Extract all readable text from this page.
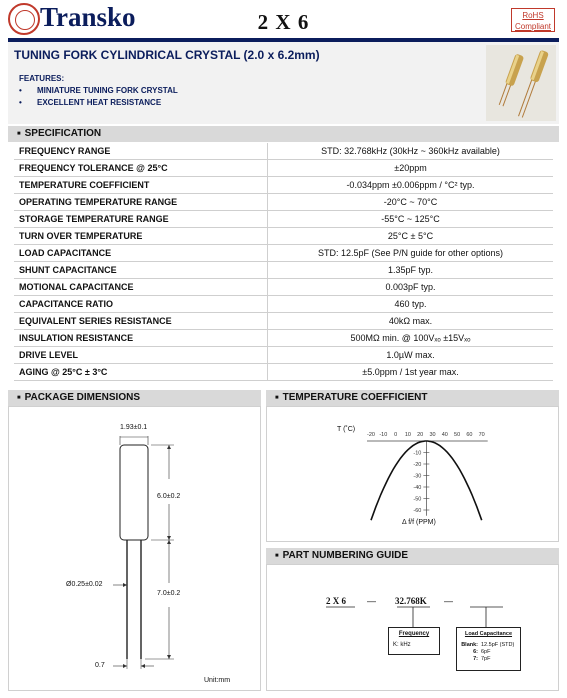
Transko	2 X 6	RoHS
Compliant
TUNING FORK CYLINDRICAL CRYSTAL (2.0 x 6.2mm)
FEATURES:
• MINIATURE TUNING FORK CRYSTAL
• EXCELLENT HEAT RESISTANCE
■ SPECIFICATION
FREQUENCY RANGE	STD: 32.768kHz (30kHz ~ 360kHz available)
FREQUENCY TOLERANCE @ 25°C	±20ppm
TEMPERATURE COEFFICIENT	-0.034ppm ±0.006ppm / °C² typ.
OPERATING TEMPERATURE RANGE	-20°C ~ 70°C
STORAGE TEMPERATURE RANGE	-55°C ~ 125°C
TURN OVER TEMPERATURE	25°C ± 5°C
LOAD CAPACITANCE	STD: 12.5pF (See P/N guide for other options)
SHUNT CAPACITANCE	1.35pF typ.
MOTIONAL CAPACITANCE	0.003pF typ.
CAPACITANCE RATIO	460 typ.
EQUIVALENT SERIES RESISTANCE	40kΩ max.
INSULATION RESISTANCE	500MΩ min. @ 100Vₓₒ ±15Vₓₒ
DRIVE LEVEL	1.0µW max.
AGING @ 25°C ± 3°C	±5.0ppm / 1st year max.
■ PACKAGE DIMENSIONS
1.93±0.1
6.0±0.2
Ø0.25±0.02
7.0±0.2
0.7
Unit:mm
■ TEMPERATURE COEFFICIENT
-20 -10 0 10 20 30 40 50 60 70
-10
-20
-30
-40
-50
-60
T (˚C)
Δ f/f (PPM)
■ PART NUMBERING GUIDE
2 X 6 — 32.768K —
Frequency
K: kHz
Load Capacitance
Blank: 12.5pF (STD)
6: 6pF
7: 7pF
